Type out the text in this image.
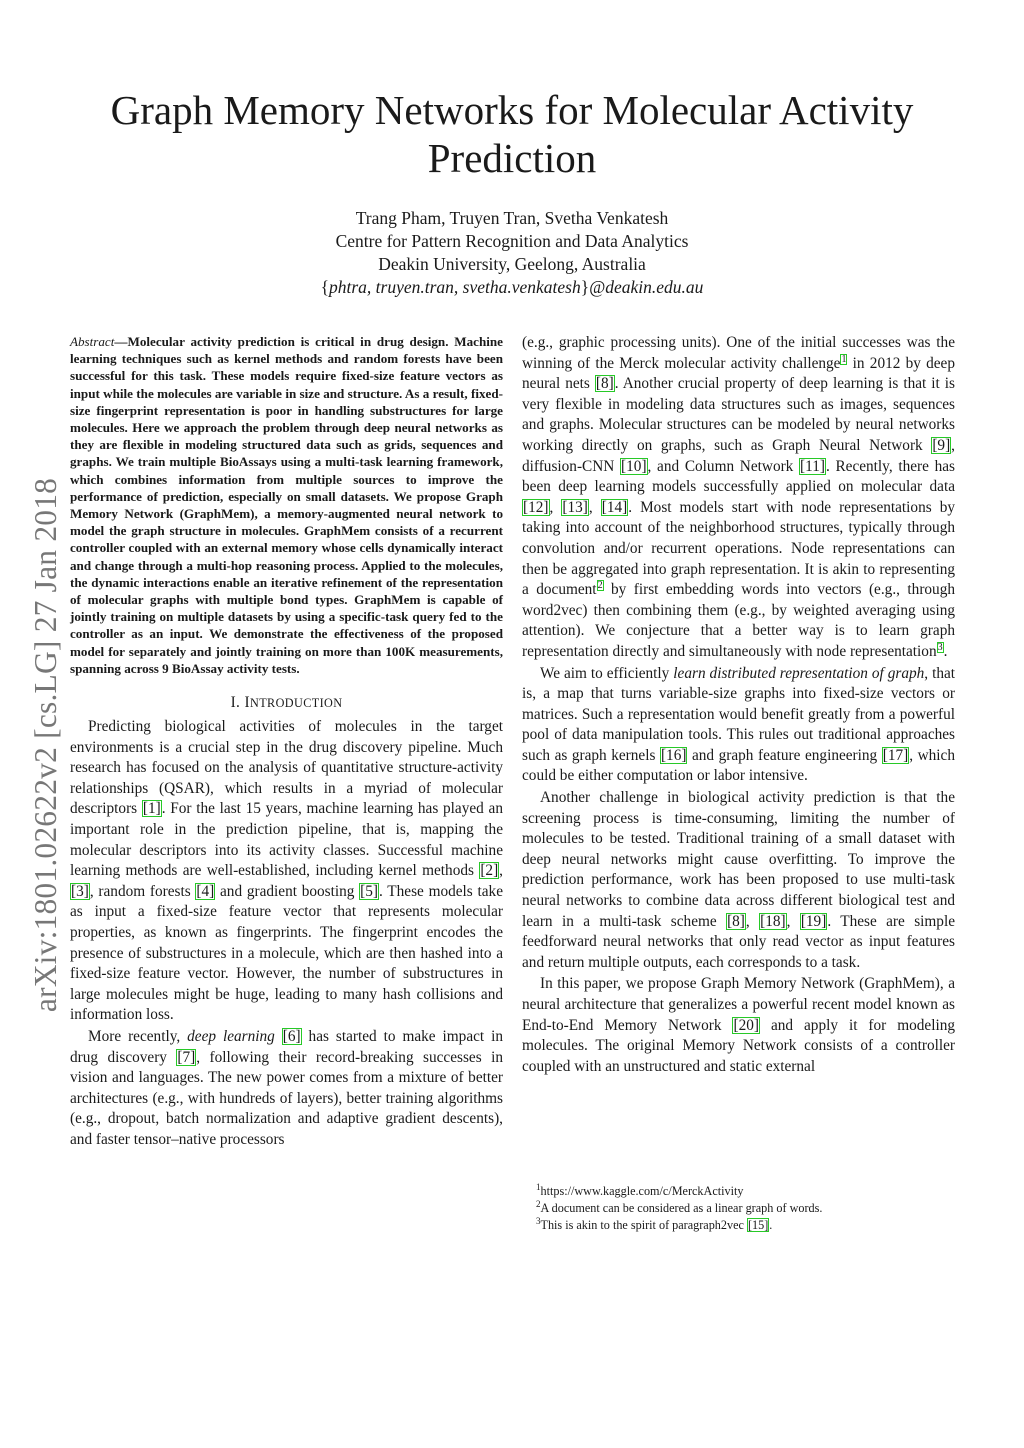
Graph Memory Networks for Molecular Activity
Prediction
Trang Pham, Truyen Tran, Svetha Venkatesh
Centre for Pattern Recognition and Data Analytics
Deakin University, Geelong, Australia
{phtra, truyen.tran, svetha.venkatesh}@deakin.edu.au
arXiv:1801.02622v2 [cs.LG] 27 Jan 2018

Abstract—Molecular activity prediction is critical in drug design. Machine learning techniques such as kernel methods and random forests have been successful for this task. These models require fixed-size feature vectors as input while the molecules are variable in size and structure. As a result, fixed-size fingerprint representation is poor in handling substructures for large molecules. Here we approach the problem through deep neural networks as they are flexible in modeling structured data such as grids, sequences and graphs. We train multiple BioAssays using a multi-task learning framework, which combines information from multiple sources to improve the performance of prediction, especially on small datasets. We propose Graph Memory Network (GraphMem), a memory-augmented neural network to model the graph structure in molecules. GraphMem consists of a recurrent controller coupled with an external memory whose cells dynamically interact and change through a multi-hop reasoning process. Applied to the molecules, the dynamic interactions enable an iterative refinement of the representation of molecular graphs with multiple bond types. GraphMem is capable of jointly training on multiple datasets by using a specific-task query fed to the controller as an input. We demonstrate the effectiveness of the proposed model for separately and jointly training on more than 100K measurements, spanning across 9 BioAssay activity tests.

I. INTRODUCTION

Predicting biological activities of molecules in the target environments is a crucial step in the drug discovery pipeline. Much research has focused on the analysis of quantitative structure-activity relationships (QSAR), which results in a myriad of molecular descriptors [1]. For the last 15 years, machine learning has played an important role in the prediction pipeline, that is, mapping the molecular descriptors into its activity classes. Successful machine learning methods are well-established, including kernel methods [2], [3], random forests [4] and gradient boosting [5]. These models take as input a fixed-size feature vector that represents molecular properties, as known as fingerprints. The fingerprint encodes the presence of substructures in a molecule, which are then hashed into a fixed-size feature vector. However, the number of substructures in large molecules might be huge, leading to many hash collisions and information loss.

More recently, deep learning [6] has started to make impact in drug discovery [7], following their record-breaking successes in vision and languages. The new power comes from a mixture of better architectures (e.g., with hundreds of layers), better training algorithms (e.g., dropout, batch normalization and adaptive gradient descents), and faster tensor–native processors

(e.g., graphic processing units). One of the initial successes was the winning of the Merck molecular activity challenge$^1$ in 2012 by deep neural nets [8]. Another crucial property of deep learning is that it is very flexible in modeling data structures such as images, sequences and graphs. Molecular structures can be modeled by neural networks working directly on graphs, such as Graph Neural Network [9], diffusion-CNN [10], and Column Network [11]. Recently, there has been deep learning models successfully applied on molecular data [12], [13], [14]. Most models start with node representations by taking into account of the neighborhood structures, typically through convolution and/or recurrent operations. Node representations can then be aggregated into graph representation. It is akin to representing a document$^2$ by first embedding words into vectors (e.g., through word2vec) then combining them (e.g., by weighted averaging using attention). We conjecture that a better way is to learn graph representation directly and simultaneously with node representation$^3$.

We aim to efficiently learn distributed representation of graph, that is, a map that turns variable-size graphs into fixed-size vectors or matrices. Such a representation would benefit greatly from a powerful pool of data manipulation tools. This rules out traditional approaches such as graph kernels [16] and graph feature engineering [17], which could be either computation or labor intensive.

Another challenge in biological activity prediction is that the screening process is time-consuming, limiting the number of molecules to be tested. Traditional training of a small dataset with deep neural networks might cause overfitting. To improve the prediction performance, work has been proposed to use multi-task neural networks to combine data across different biological test and learn in a multi-task scheme [8], [18], [19]. These are simple feedforward neural networks that only read vector as input features and return multiple outputs, each corresponds to a task.

In this paper, we propose Graph Memory Network (GraphMem), a neural architecture that generalizes a powerful recent model known as End-to-End Memory Network [20] and apply it for modeling molecules. The original Memory Network consists of a controller coupled with an unstructured and static external

$^1$https://www.kaggle.com/c/MerckActivity
$^2$A document can be considered as a linear graph of words.
$^3$This is akin to the spirit of paragraph2vec [15].
